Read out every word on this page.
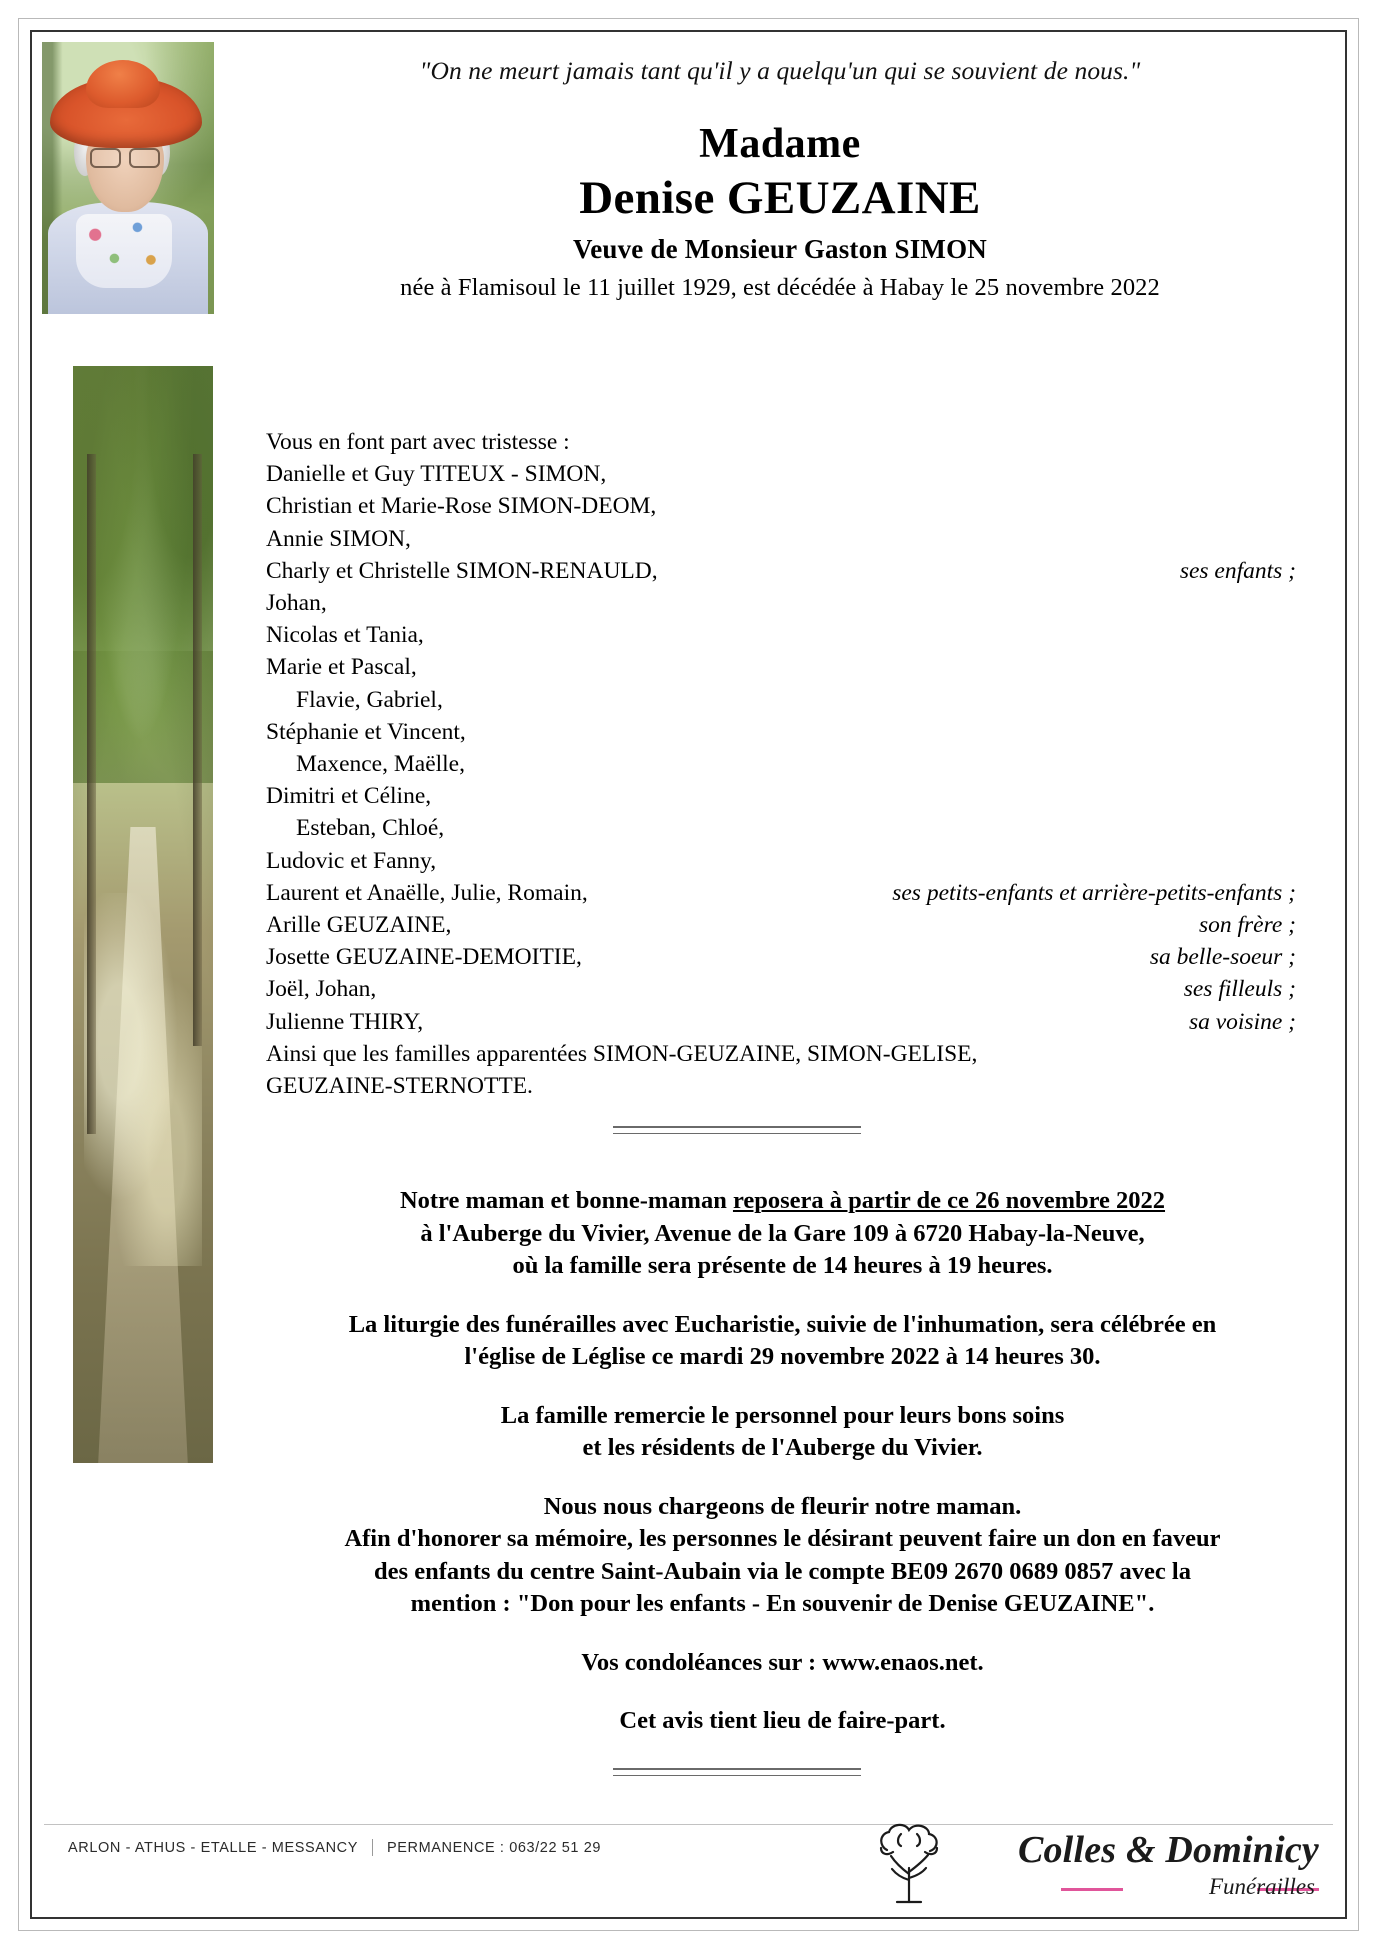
"On ne meurt jamais tant qu'il y a quelqu'un qui se souvient de nous."
Madame
Denise GEUZAINE
Veuve de Monsieur Gaston SIMON
née à Flamisoul le 11 juillet 1929, est décédée à Habay le 25 novembre 2022
Vous en font part avec tristesse :
Danielle et Guy TITEUX - SIMON,
Christian et Marie-Rose SIMON-DEOM,
Annie SIMON,
Charly et Christelle SIMON-RENAULD,	ses enfants ;
Johan,
Nicolas et Tania,
Marie et Pascal,
Flavie, Gabriel,
Stéphanie et Vincent,
Maxence, Maëlle,
Dimitri et Céline,
Esteban, Chloé,
Ludovic et Fanny,
Laurent et Anaëlle, Julie, Romain,	ses petits-enfants et arrière-petits-enfants ;
Arille GEUZAINE,	son frère ;
Josette GEUZAINE-DEMOITIE,	sa belle-soeur ;
Joël, Johan,	ses filleuls ;
Julienne THIRY,	sa voisine ;
Ainsi que les familles apparentées SIMON-GEUZAINE, SIMON-GELISE,
GEUZAINE-STERNOTTE.
Notre maman et bonne-maman reposera à partir de ce 26 novembre 2022
à l'Auberge du Vivier, Avenue de la Gare 109 à 6720 Habay-la-Neuve,
où la famille sera présente de 14 heures à 19 heures.
La liturgie des funérailles avec Eucharistie, suivie de l'inhumation, sera célébrée en
l'église de Léglise ce mardi 29 novembre 2022 à 14 heures 30.
La famille remercie le personnel pour leurs bons soins
et les résidents de l'Auberge du Vivier.
Nous nous chargeons de fleurir notre maman.
Afin d'honorer sa mémoire, les personnes le désirant peuvent faire un don en faveur
des enfants du centre Saint-Aubain via le compte BE09 2670 0689 0857 avec la
mention : "Don pour les enfants - En souvenir de Denise GEUZAINE".
Vos condoléances sur : www.enaos.net.
Cet avis tient lieu de faire-part.
ARLON - ATHUS - ETALLE - MESSANCY PERMANENCE : 063/22 51 29	Colles & Dominicy
Funérailles
